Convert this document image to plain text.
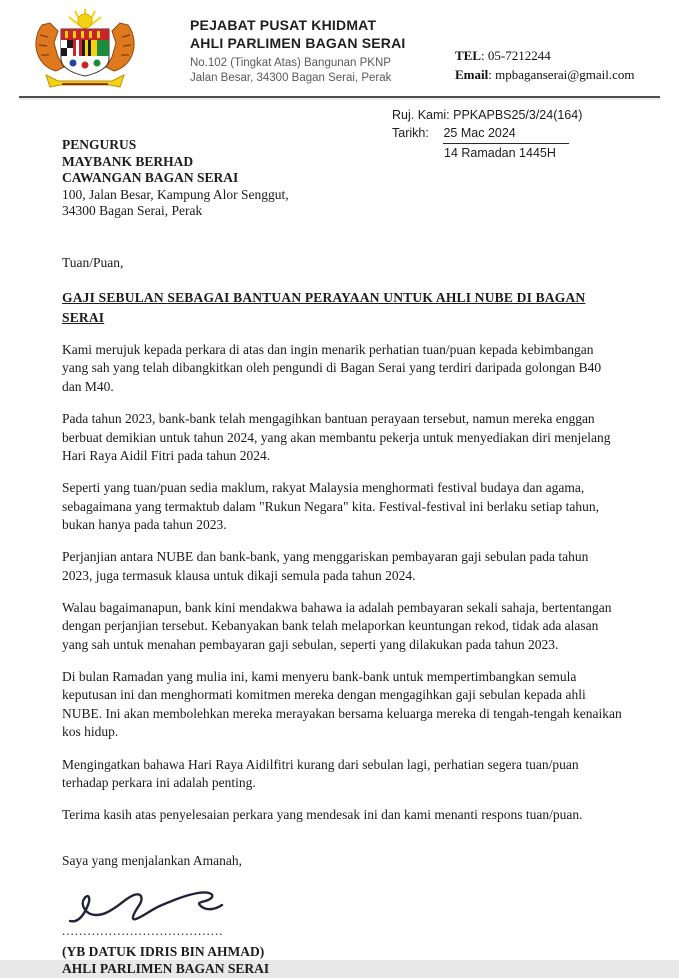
PEJABAT PUSAT KHIDMAT
AHLI PARLIMEN BAGAN SERAI
No.102 (Tingkat Atas) Bangunan PKNP
Jalan Besar, 34300 Bagan Serai, Perak
TEL: 05-7212244
Email: mpbaganserai@gmail.com
Ruj. Kami: PPKAPBS25/3/24(164)
Tarikh: 25 Mac 2024
14 Ramadan 1445H
PENGURUS
MAYBANK BERHAD
CAWANGAN BAGAN SERAI
100, Jalan Besar, Kampung Alor Senggut,
34300 Bagan Serai, Perak
Tuan/Puan,
GAJI SEBULAN SEBAGAI BANTUAN PERAYAAN UNTUK AHLI NUBE DI BAGAN SERAI

Kami merujuk kepada perkara di atas dan ingin menarik perhatian tuan/puan kepada kebimbangan yang sah yang telah dibangkitkan oleh pengundi di Bagan Serai yang terdiri daripada golongan B40 dan M40.

Pada tahun 2023, bank-bank telah mengagihkan bantuan perayaan tersebut, namun mereka enggan berbuat demikian untuk tahun 2024, yang akan membantu pekerja untuk menyediakan diri menjelang Hari Raya Aidil Fitri pada tahun 2024.

Seperti yang tuan/puan sedia maklum, rakyat Malaysia menghormati festival budaya dan agama, sebagaimana yang termaktub dalam "Rukun Negara" kita. Festival-festival ini berlaku setiap tahun, bukan hanya pada tahun 2023.

Perjanjian antara NUBE dan bank-bank, yang menggariskan pembayaran gaji sebulan pada tahun 2023, juga termasuk klausa untuk dikaji semula pada tahun 2024.

Walau bagaimanapun, bank kini mendakwa bahawa ia adalah pembayaran sekali sahaja, bertentangan dengan perjanjian tersebut. Kebanyakan bank telah melaporkan keuntungan rekod, tidak ada alasan yang sah untuk menahan pembayaran gaji sebulan, seperti yang dilakukan pada tahun 2023.

Di bulan Ramadan yang mulia ini, kami menyeru bank-bank untuk mempertimbangkan semula keputusan ini dan menghormati komitmen mereka dengan mengagihkan gaji sebulan kepada ahli NUBE. Ini akan membolehkan mereka merayakan bersama keluarga mereka di tengah-tengah kenaikan kos hidup.

Mengingatkan bahawa Hari Raya Aidilfitri kurang dari sebulan lagi, perhatian segera tuan/puan terhadap perkara ini adalah penting.

Terima kasih atas penyelesaian perkara yang mendesak ini dan kami menanti respons tuan/puan.

Saya yang menjalankan Amanah,
......................................
(YB DATUK IDRIS BIN AHMAD)
AHLI PARLIMEN BAGAN SERAI
